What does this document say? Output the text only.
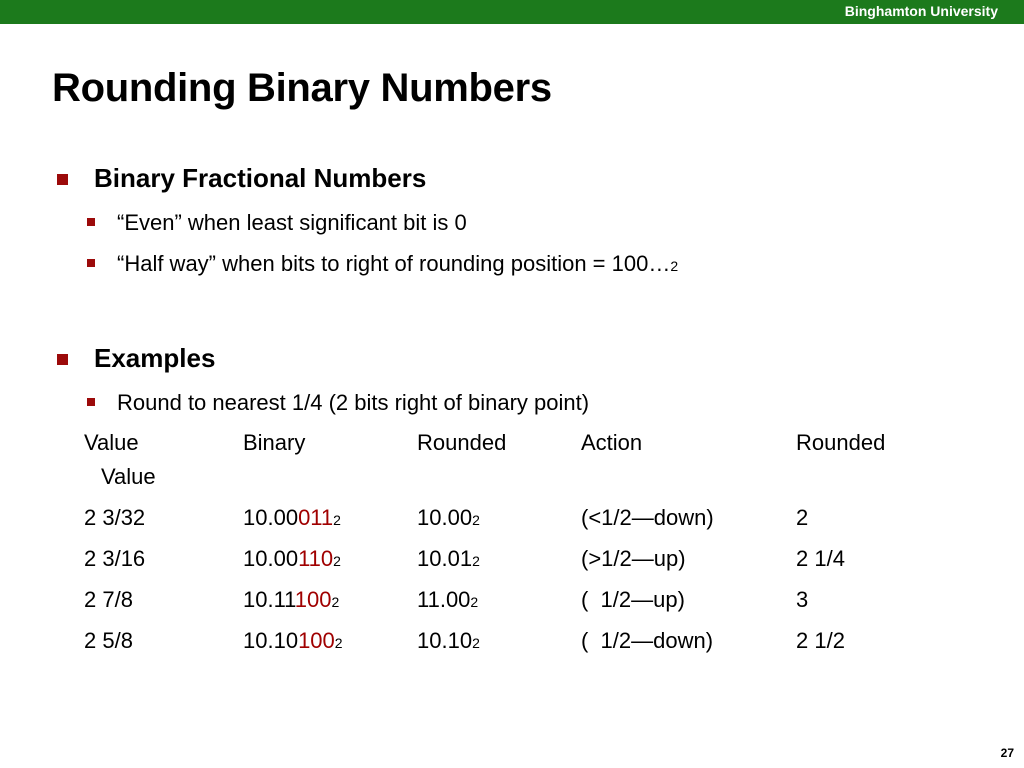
Binghamton University
Rounding Binary Numbers
Binary Fractional Numbers
“Even” when least significant bit is 0
“Half way” when bits to right of rounding position = 100…2
Examples
Round to nearest 1/4 (2 bits right of binary point)
Value	Binary	Rounded	Action	Rounded
Value
2 3/32	10.000112	10.002	(<1/2—down)	2
2 3/16	10.001102	10.012	(>1/2—up)	2 1/4
2 7/8	10.111002	11.002	(  1/2—up)	3
2 5/8	10.101002	10.102	(  1/2—down)	2 1/2
27
